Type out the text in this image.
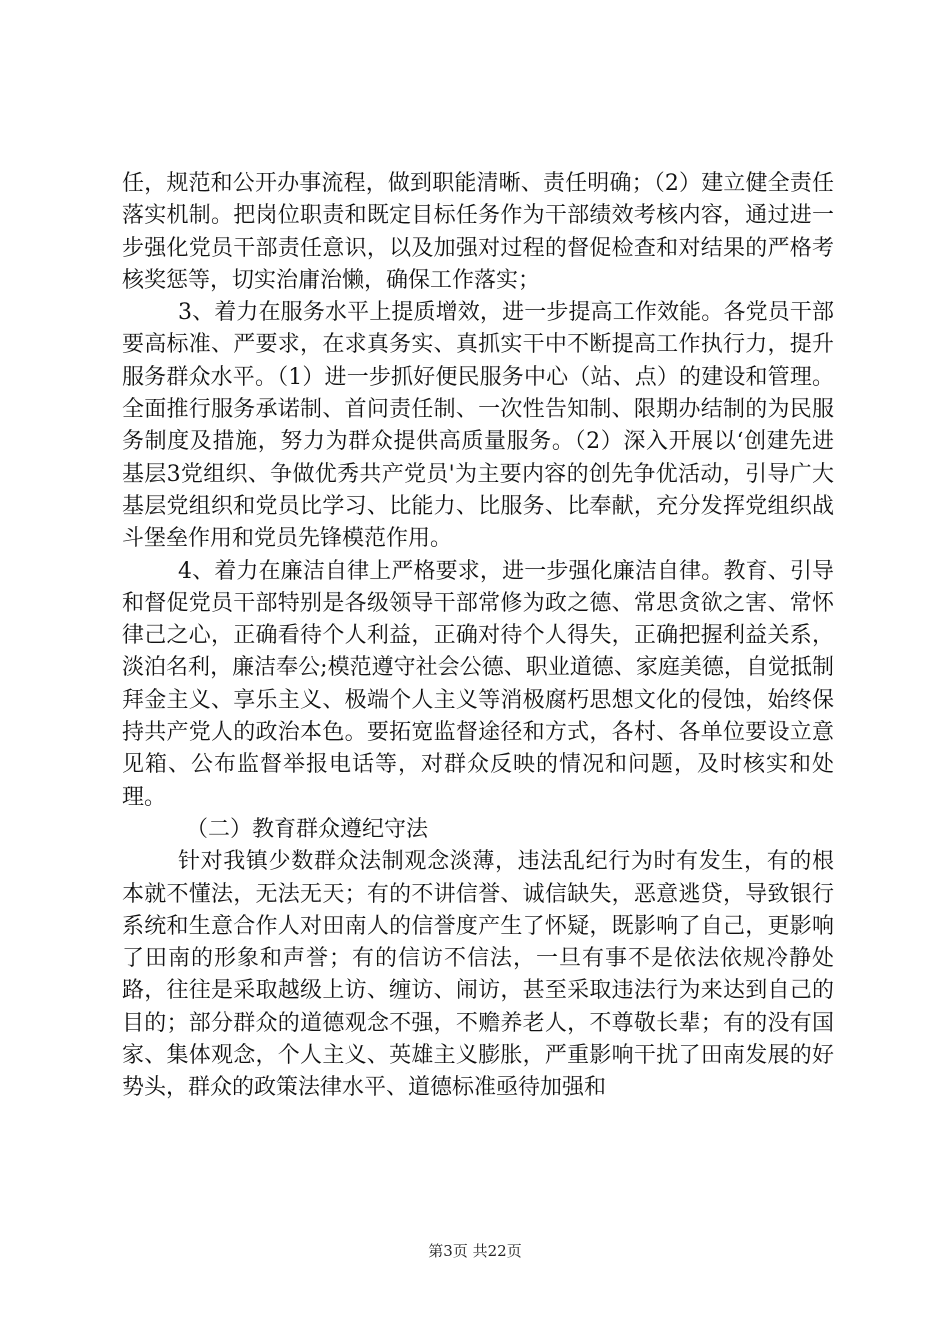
任，规范和公开办事流程，做到职能清晰、责任明确；（2）建立健全责任落实机制。把岗位职责和既定目标任务作为干部绩效考核内容，通过进一步强化党员干部责任意识，以及加强对过程的督促检查和对结果的严格考核奖惩等，切实治庸治懒，确保工作落实；

3、着力在服务水平上提质增效，进一步提高工作效能。各党员干部要高标准、严要求，在求真务实、真抓实干中不断提高工作执行力，提升服务群众水平。（1）进一步抓好便民服务中心（站、点）的建设和管理。全面推行服务承诺制、首问责任制、一次性告知制、限期办结制的为民服务制度及措施，努力为群众提供高质量服务。（2）深入开展以‘创建先进基层3党组织、争做优秀共产党员'为主要内容的创先争优活动，引导广大基层党组织和党员比学习、比能力、比服务、比奉献，充分发挥党组织战斗堡垒作用和党员先锋模范作用。

4、着力在廉洁自律上严格要求，进一步强化廉洁自律。教育、引导和督促党员干部特别是各级领导干部常修为政之德、常思贪欲之害、常怀律己之心，正确看待个人利益，正确对待个人得失，正确把握利益关系，淡泊名利，廉洁奉公;模范遵守社会公德、职业道德、家庭美德，自觉抵制拜金主义、享乐主义、极端个人主义等消极腐朽思想文化的侵蚀，始终保持共产党人的政治本色。要拓宽监督途径和方式，各村、各单位要设立意见箱、公布监督举报电话等，对群众反映的情况和问题，及时核实和处理。

（二）教育群众遵纪守法

针对我镇少数群众法制观念淡薄，违法乱纪行为时有发生，有的根本就不懂法，无法无天；有的不讲信誉、诚信缺失，恶意逃贷，导致银行系统和生意合作人对田南人的信誉度产生了怀疑，既影响了自己，更影响了田南的形象和声誉；有的信访不信法，一旦有事不是依法依规冷静处路，往往是采取越级上访、缠访、闹访，甚至采取违法行为来达到自己的目的；部分群众的道德观念不强，不赡养老人，不尊敬长辈；有的没有国家、集体观念，个人主义、英雄主义膨胀，严重影响干扰了田南发展的好势头，群众的政策法律水平、道德标准亟待加强和

第3页 共22页
